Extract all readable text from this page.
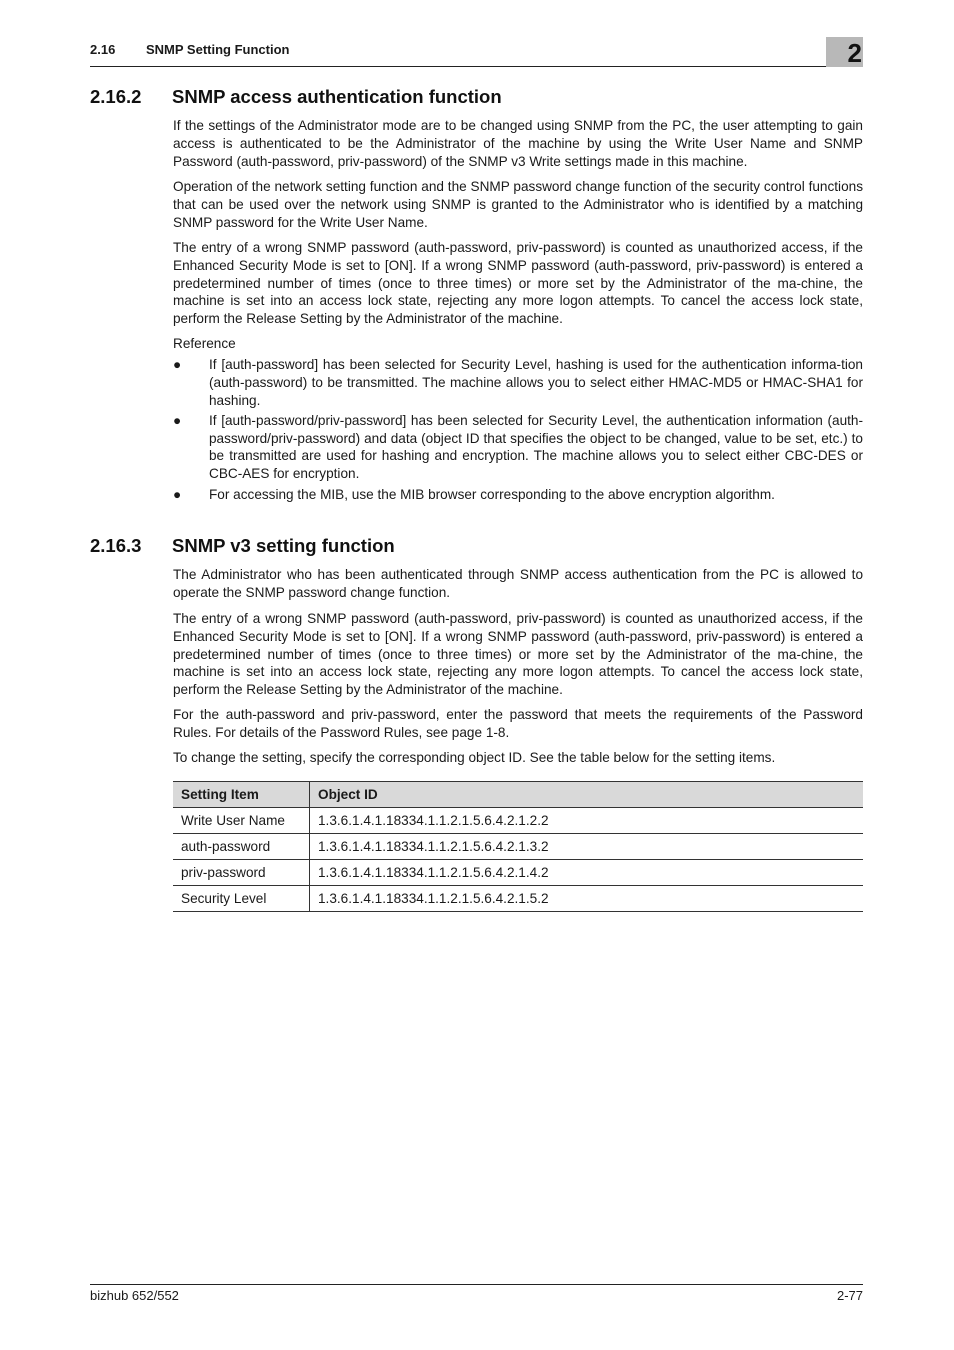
2.16 SNMP Setting Function	2
2.16.2 SNMP access authentication function

If the settings of the Administrator mode are to be changed using SNMP from the PC, the user attempting to gain access is authenticated to be the Administrator of the machine by using the Write User Name and SNMP Password (auth-password, priv-password) of the SNMP v3 Write settings made in this machine.

Operation of the network setting function and the SNMP password change function of the security control functions that can be used over the network using SNMP is granted to the Administrator who is identified by a matching SNMP password for the Write User Name.

The entry of a wrong SNMP password (auth-password, priv-password) is counted as unauthorized access, if the Enhanced Security Mode is set to [ON]. If a wrong SNMP password (auth-password, priv-password) is entered a predetermined number of times (once to three times) or more set by the Administrator of the ma-chine, the machine is set into an access lock state, rejecting any more logon attempts. To cancel the access lock state, perform the Release Setting by the Administrator of the machine.

Reference

● If [auth-password] has been selected for Security Level, hashing is used for the authentication informa-tion (auth-password) to be transmitted. The machine allows you to select either HMAC-MD5 or HMAC-SHA1 for hashing.
● If [auth-password/priv-password] has been selected for Security Level, the authentication information (auth-password/priv-password) and data (object ID that specifies the object to be changed, value to be set, etc.) to be transmitted are used for hashing and encryption. The machine allows you to select either CBC-DES or CBC-AES for encryption.
● For accessing the MIB, use the MIB browser corresponding to the above encryption algorithm.
2.16.3 SNMP v3 setting function

The Administrator who has been authenticated through SNMP access authentication from the PC is allowed to operate the SNMP password change function.

The entry of a wrong SNMP password (auth-password, priv-password) is counted as unauthorized access, if the Enhanced Security Mode is set to [ON]. If a wrong SNMP password (auth-password, priv-password) is entered a predetermined number of times (once to three times) or more set by the Administrator of the ma-chine, the machine is set into an access lock state, rejecting any more logon attempts. To cancel the access lock state, perform the Release Setting by the Administrator of the machine.

For the auth-password and priv-password, enter the password that meets the requirements of the Password Rules. For details of the Password Rules, see page 1-8.

To change the setting, specify the corresponding object ID. See the table below for the setting items.

Setting Item	Object ID
Write User Name	1.3.6.1.4.1.18334.1.1.2.1.5.6.4.2.1.2.2
auth-password	1.3.6.1.4.1.18334.1.1.2.1.5.6.4.2.1.3.2
priv-password	1.3.6.1.4.1.18334.1.1.2.1.5.6.4.2.1.4.2
Security Level	1.3.6.1.4.1.18334.1.1.2.1.5.6.4.2.1.5.2
bizhub 652/552	2-77
